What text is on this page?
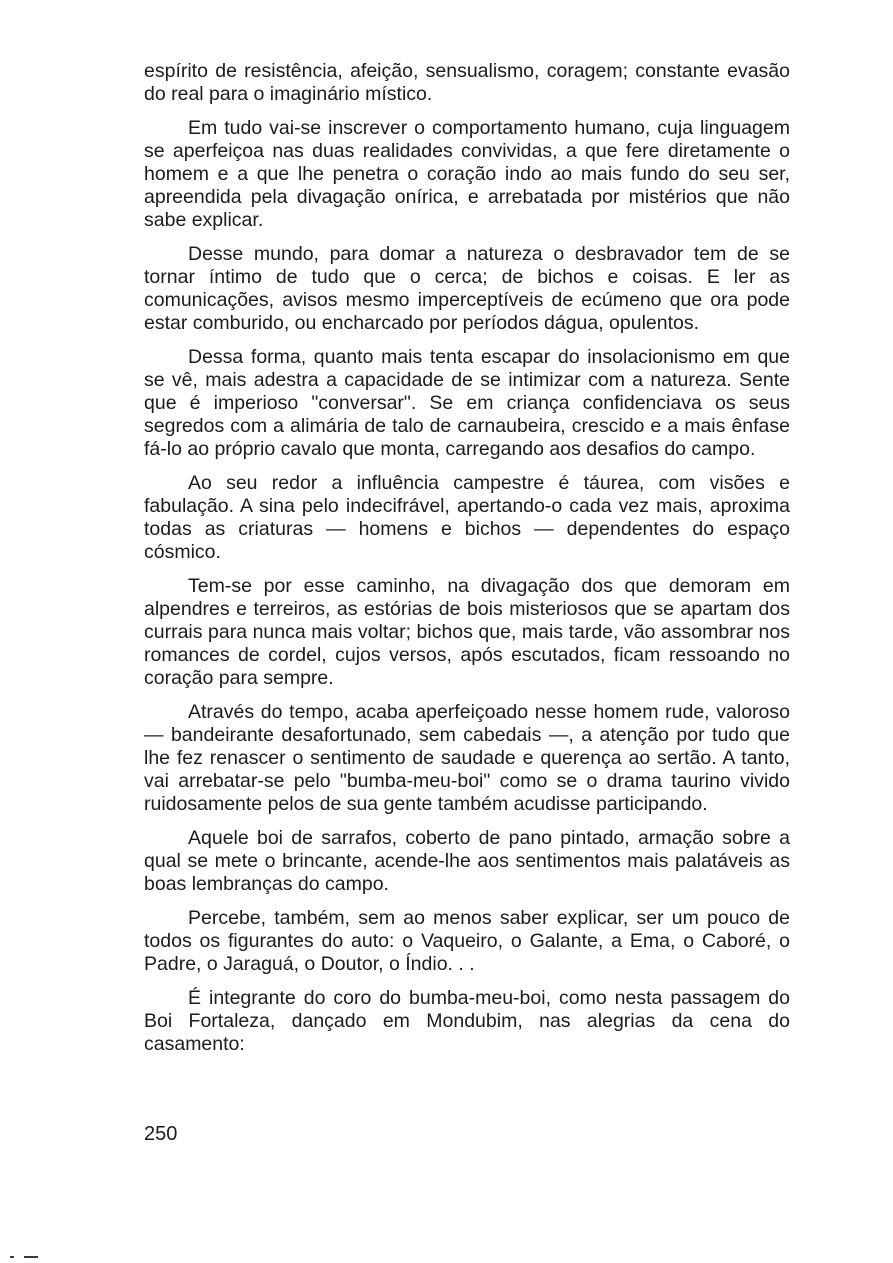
espírito de resistência, afeição, sensualismo, coragem; constante evasão do real para o imaginário místico.

Em tudo vai-se inscrever o comportamento humano, cuja linguagem se aperfeiçoa nas duas realidades convividas, a que fere diretamente o homem e a que lhe penetra o coração indo ao mais fundo do seu ser, apreendida pela divagação onírica, e arrebatada por mistérios que não sabe explicar.

Desse mundo, para domar a natureza o desbravador tem de se tornar íntimo de tudo que o cerca; de bichos e coisas. E ler as comunicações, avisos mesmo imperceptíveis de ecúmeno que ora pode estar comburido, ou encharcado por períodos dágua, opulentos.

Dessa forma, quanto mais tenta escapar do insolacionismo em que se vê, mais adestra a capacidade de se intimizar com a natureza. Sente que é imperioso "conversar". Se em criança confidenciava os seus segredos com a alimária de talo de carnaubeira, crescido e a mais ênfase fá-lo ao próprio cavalo que monta, carregando aos desafios do campo.

Ao seu redor a influência campestre é táurea, com visões e fabulação. A sina pelo indecifrável, apertando-o cada vez mais, aproxima todas as criaturas — homens e bichos — dependentes do espaço cósmico.

Tem-se por esse caminho, na divagação dos que demoram em alpendres e terreiros, as estórias de bois misteriosos que se apartam dos currais para nunca mais voltar; bichos que, mais tarde, vão assombrar nos romances de cordel, cujos versos, após escutados, ficam ressoando no coração para sempre.

Através do tempo, acaba aperfeiçoado nesse homem rude, valoroso — bandeirante desafortunado, sem cabedais —, a atenção por tudo que lhe fez renascer o sentimento de saudade e querença ao sertão. A tanto, vai arrebatar-se pelo "bumba-meu-boi" como se o drama taurino vivido ruidosamente pelos de sua gente também acudisse participando.

Aquele boi de sarrafos, coberto de pano pintado, armação sobre a qual se mete o brincante, acende-lhe aos sentimentos mais palatáveis as boas lembranças do campo.

Percebe, também, sem ao menos saber explicar, ser um pouco de todos os figurantes do auto: o Vaqueiro, o Galante, a Ema, o Caboré, o Padre, o Jaraguá, o Doutor, o Índio. . .

É integrante do coro do bumba-meu-boi, como nesta passagem do Boi Fortaleza, dançado em Mondubim, nas alegrias da cena do casamento:

250
